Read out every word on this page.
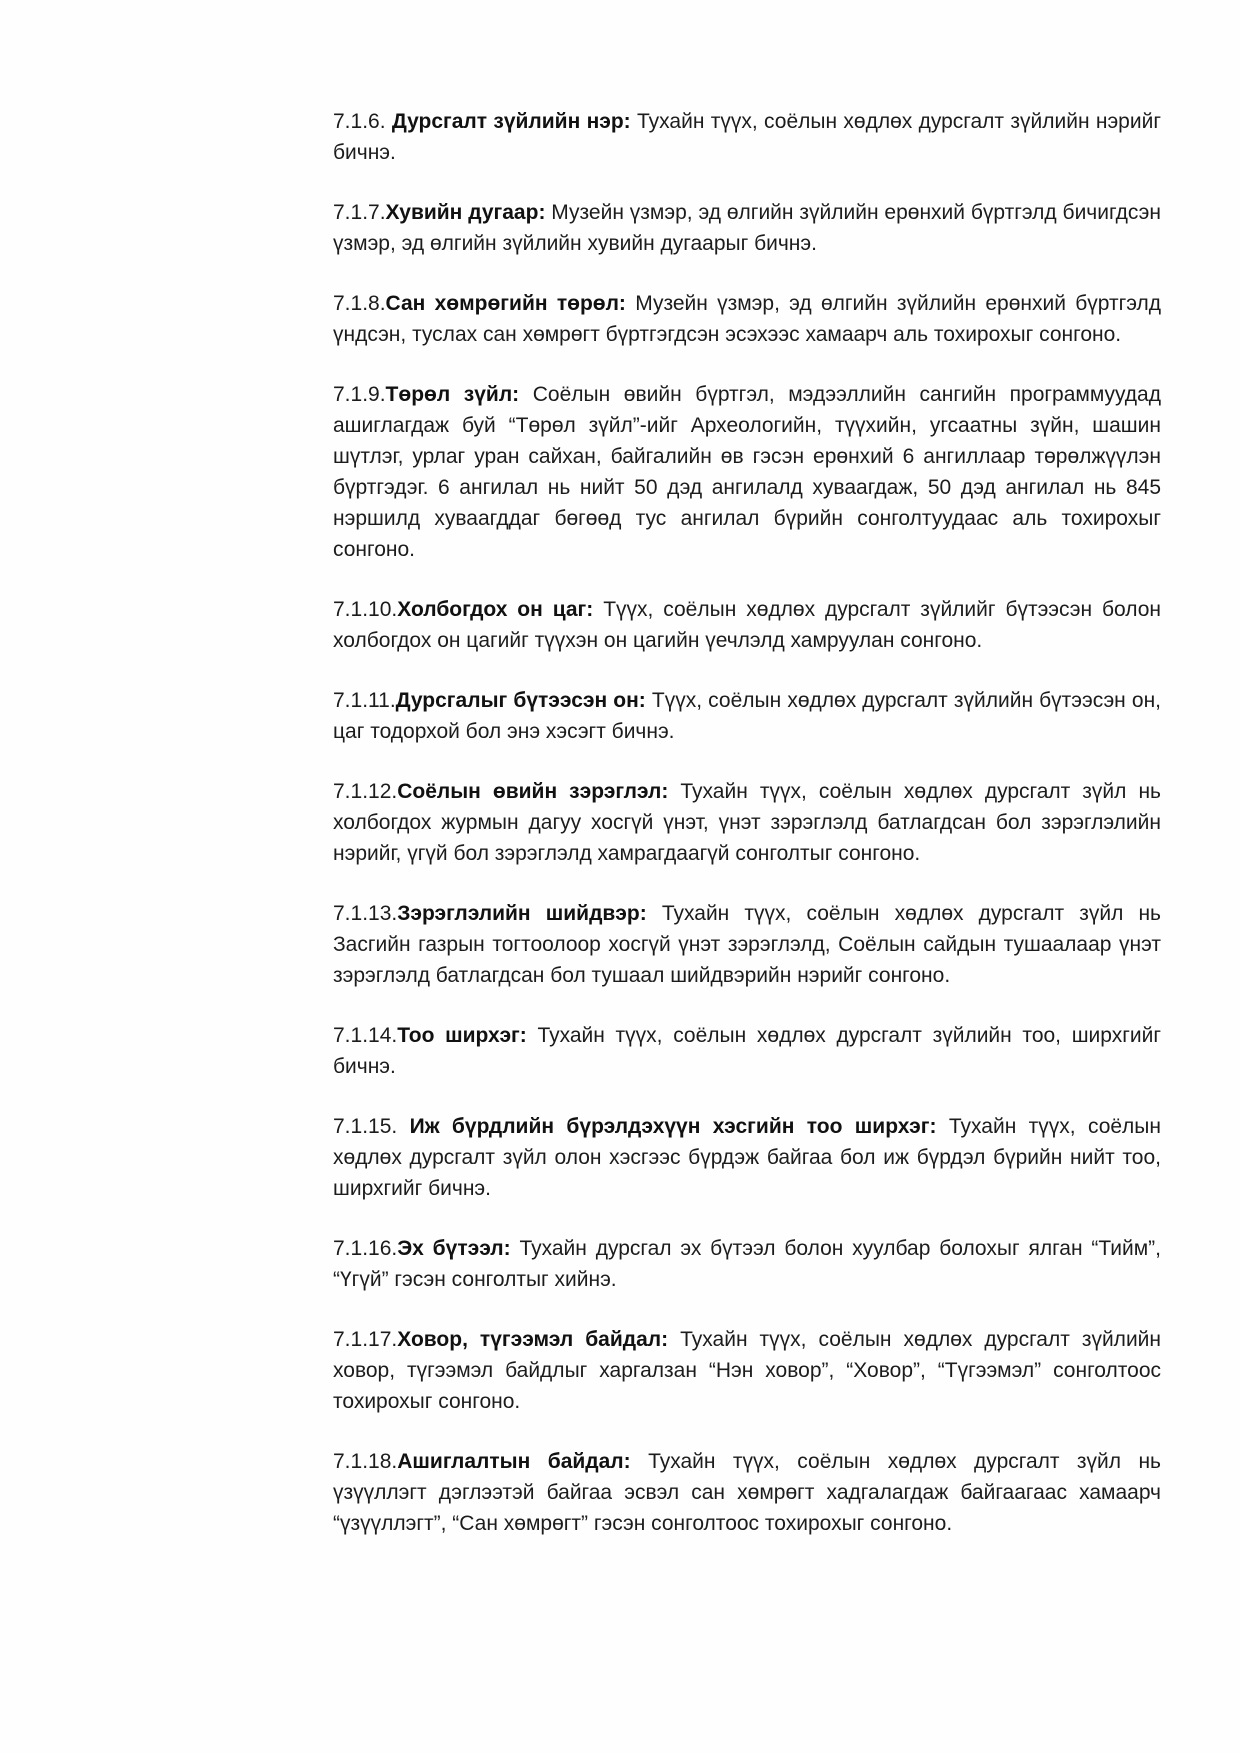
7.1.6. Дурсгалт зүйлийн нэр: Тухайн түүх, соёлын хөдлөх дурсгалт зүйлийн нэрийг бичнэ.

7.1.7.Хувийн дугаар: Музейн үзмэр, эд өлгийн зүйлийн ерөнхий бүртгэлд бичигдсэн үзмэр, эд өлгийн зүйлийн хувийн дугаарыг бичнэ.

7.1.8.Сан хөмрөгийн төрөл: Музейн үзмэр, эд өлгийн зүйлийн ерөнхий бүртгэлд үндсэн, туслах сан хөмрөгт бүртгэгдсэн эсэхээс хамаарч аль тохирохыг сонгоно.

7.1.9.Төрөл зүйл: Соёлын өвийн бүртгэл, мэдээллийн сангийн программуудад ашиглагдаж буй “Төрөл зүйл”-ийг Археологийн, түүхийн, угсаатны зүйн, шашин шүтлэг, урлаг уран сайхан, байгалийн өв гэсэн ерөнхий 6 ангиллаар төрөлжүүлэн бүртгэдэг. 6 ангилал нь нийт 50 дэд ангилалд хуваагдаж, 50 дэд ангилал нь 845 нэршилд хуваагддаг бөгөөд тус ангилал бүрийн сонголтуудаас аль тохирохыг сонгоно.

7.1.10.Холбогдох он цаг: Түүх, соёлын хөдлөх дурсгалт зүйлийг бүтээсэн болон холбогдох он цагийг түүхэн он цагийн үечлэлд хамруулан сонгоно.

7.1.11.Дурсгалыг бүтээсэн он: Түүх, соёлын хөдлөх дурсгалт зүйлийн бүтээсэн он, цаг тодорхой бол энэ хэсэгт бичнэ.

7.1.12.Соёлын өвийн зэрэглэл: Тухайн түүх, соёлын хөдлөх дурсгалт зүйл нь холбогдох журмын дагуу хосгүй үнэт, үнэт зэрэглэлд батлагдсан бол зэрэглэлийн нэрийг, үгүй бол зэрэглэлд хамрагдаагүй сонголтыг сонгоно.

7.1.13.Зэрэглэлийн шийдвэр: Тухайн түүх, соёлын хөдлөх дурсгалт зүйл нь Засгийн газрын тогтоолоор хосгүй үнэт зэрэглэлд, Соёлын сайдын тушаалаар үнэт зэрэглэлд батлагдсан бол тушаал шийдвэрийн нэрийг сонгоно.

7.1.14.Тоо ширхэг: Тухайн түүх, соёлын хөдлөх дурсгалт зүйлийн тоо, ширхгийг бичнэ.

7.1.15. Иж бүрдлийн бүрэлдэхүүн хэсгийн тоо ширхэг: Тухайн түүх, соёлын хөдлөх дурсгалт зүйл олон хэсгээс бүрдэж байгаа бол иж бүрдэл бүрийн нийт тоо, ширхгийг бичнэ.

7.1.16.Эх бүтээл: Тухайн дурсгал эх бүтээл болон хуулбар болохыг ялган “Тийм”, “Үгүй” гэсэн сонголтыг хийнэ.

7.1.17.Ховор, түгээмэл байдал: Тухайн түүх, соёлын хөдлөх дурсгалт зүйлийн ховор, түгээмэл байдлыг харгалзан “Нэн ховор”, “Ховор”, “Түгээмэл” сонголтоос тохирохыг сонгоно.

7.1.18.Ашиглалтын байдал: Тухайн түүх, соёлын хөдлөх дурсгалт зүйл нь үзүүллэгт дэглээтэй байгаа эсвэл сан хөмрөгт хадгалагдаж байгаагаас хамаарч “үзүүллэгт”, “Сан хөмрөгт” гэсэн сонголтоос тохирохыг сонгоно.
